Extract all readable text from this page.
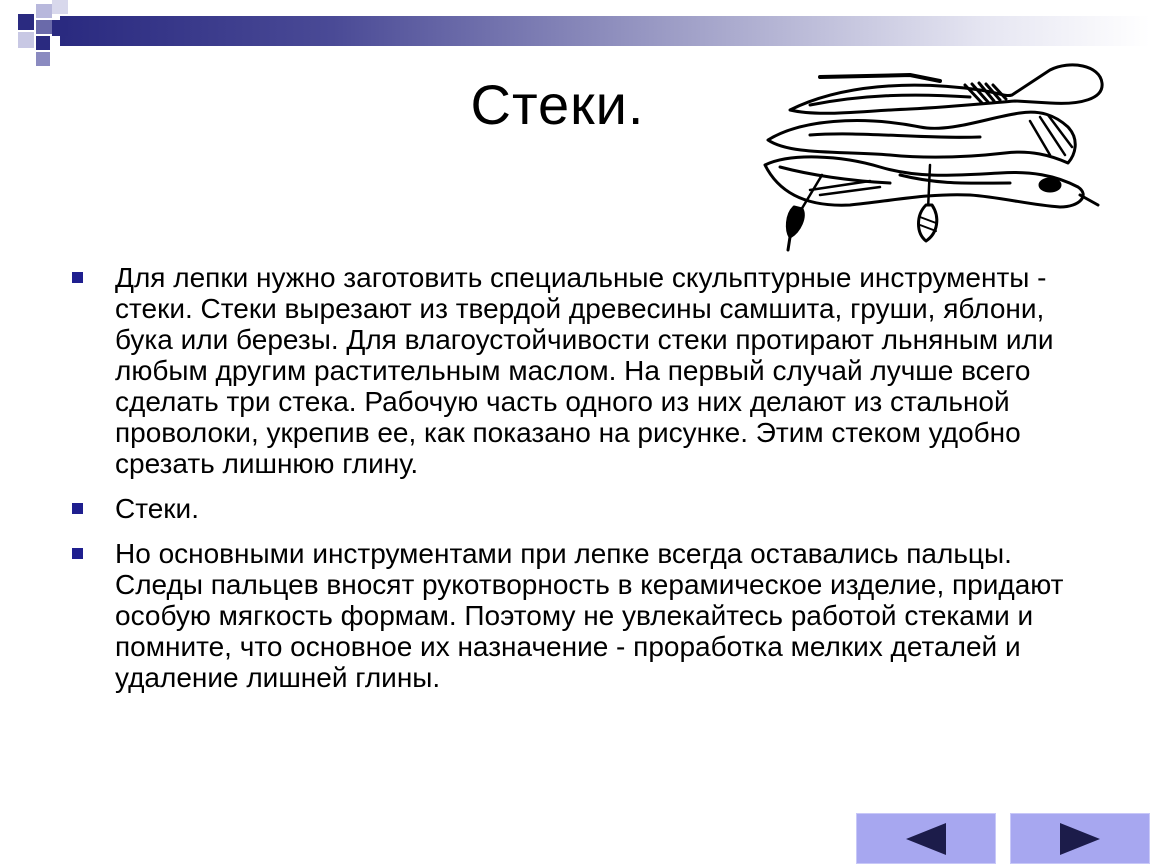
Стеки.
Для лепки нужно заготовить специальные скульптурные инструменты - стеки. Стеки вырезают из твердой древесины самшита, груши, яблони, бука или березы. Для влагоустойчивости стеки протирают льняным или любым другим растительным маслом. На первый случай лучше всего сделать три стека. Рабочую часть одного из них делают из стальной проволоки, укрепив ее, как показано на рисунке. Этим стеком удобно срезать лишнюю глину.
Стеки.
Но основными инструментами при лепке всегда оставались пальцы. Следы пальцев вносят рукотворность в керамическое изделие, придают особую мягкость формам. Поэтому не увлекайтесь работой стеками и помните, что основное их назначение - проработка мелких деталей и удаление лишней глины.
